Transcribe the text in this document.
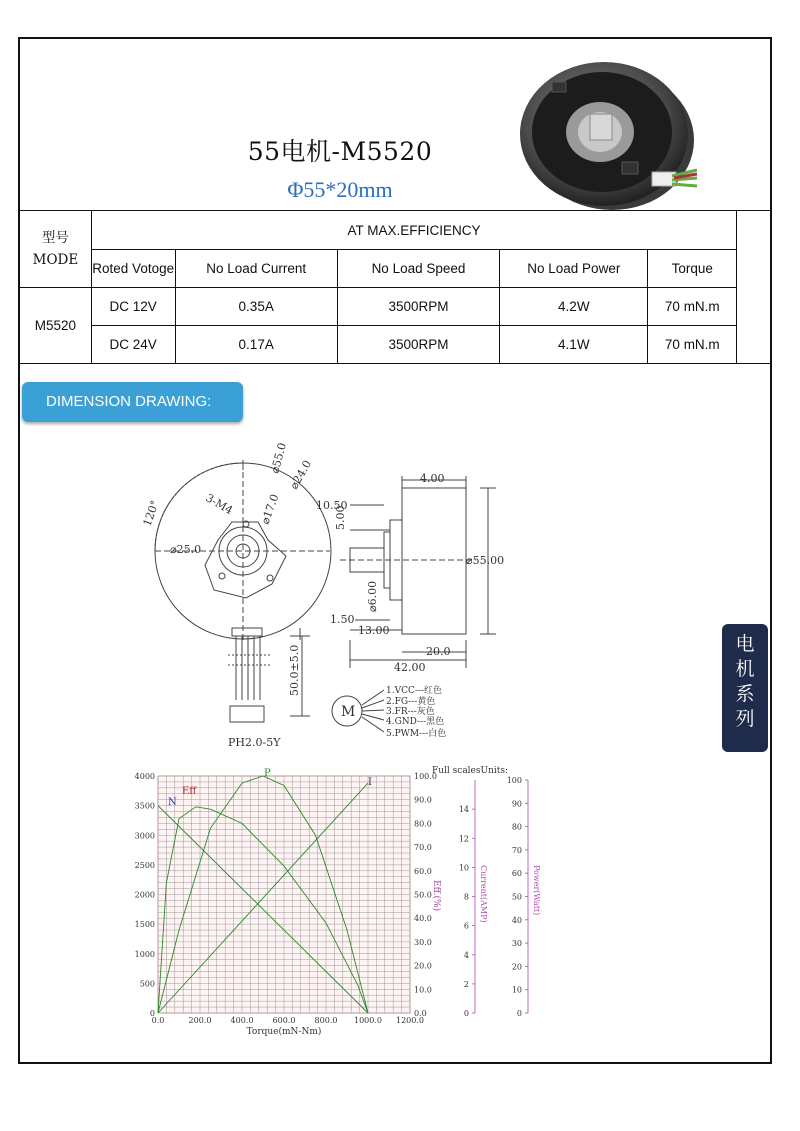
55电机-M5520
Φ55*20mm
型号
MODE	AT MAX.EFFICIENCY					
	Roted Votoge	No Load Current	No Load Speed	No Load Power	Torque	
M5520	DC 12V	0.35A	3500RPM	4.2W	70 mN.m	
	DC 24V	0.17A	3500RPM	4.1W	70 mN.m	
DIMENSION DRAWING:
电
机
系
列
⌀55.0
⌀24.0
⌀17.0
3-M4
120°
⌀25.0
4.00
10.50
5.00
⌀55.00
⌀6.00
1.50
13.00
20.0
42.00
50.0±5.0
PH2.0-5Y
M
1.VCC---红色
2.FG---黄色
3.FR---灰色
4.GND---黑色
5.PWM---白色
0.0	200.0 400.0 600.0 800.0 1000.0 1200.0
0
500
1000
1500
2000
2500
3000
3500
4000
0.0
10.0
20.0
30.0
40.0
50.0
60.0
70.0
80.0
90.0
100.0
Torque(mN-Nm)
Eff.(%)
N
Eff
P
I
Full scalesUnits:
0
2
4
6
8
10
12
14
Current(AMP)
0
10
20
30
40
50
60
70
80
90
100
Power(Watt)
